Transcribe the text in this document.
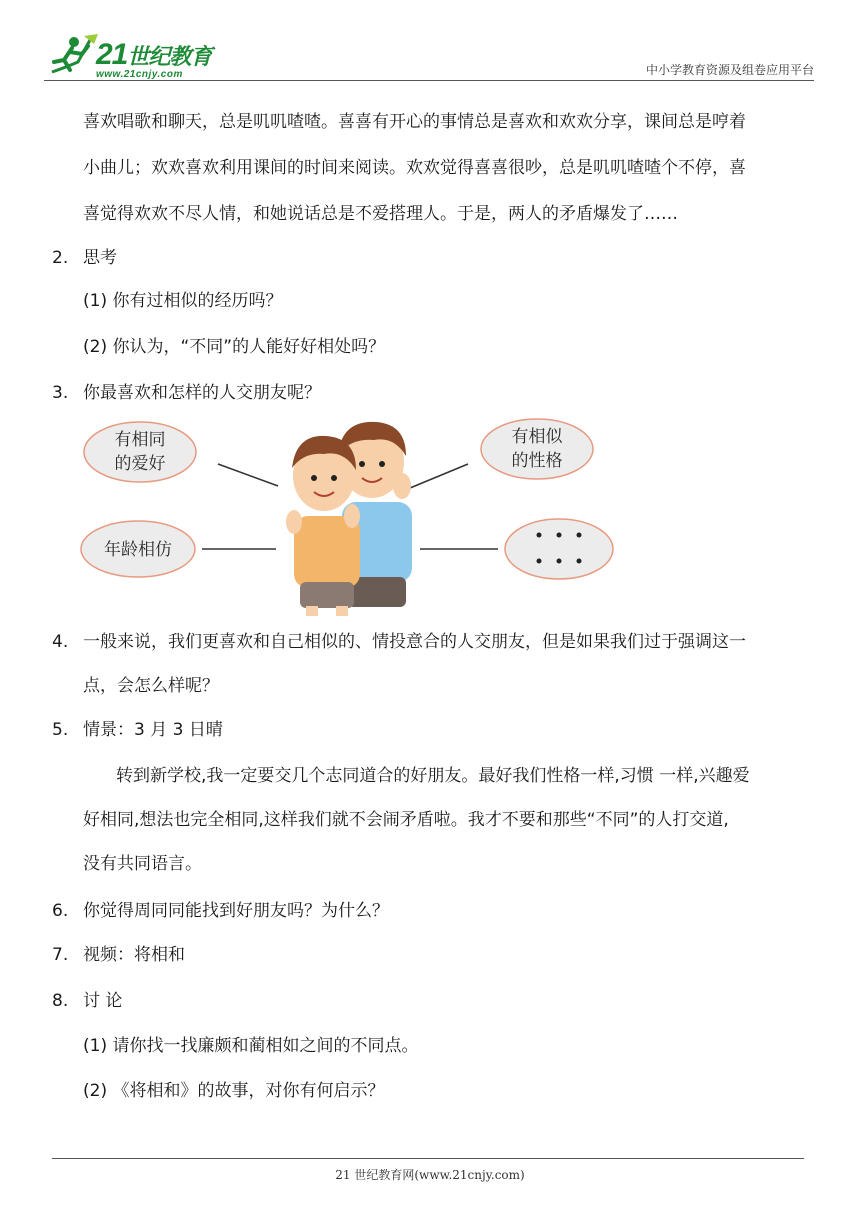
21世纪教育
www.21cnjy.com	中小学教育资源及组卷应用平台
喜欢唱歌和聊天，总是叽叽喳喳。喜喜有开心的事情总是喜欢和欢欢分享，课间总是哼着
小曲儿；欢欢喜欢利用课间的时间来阅读。欢欢觉得喜喜很吵，总是叽叽喳喳个不停，喜
喜觉得欢欢不尽人情，和她说话总是不爱搭理人。于是，两人的矛盾爆发了……
2. 思考
(1) 你有过相似的经历吗？
(2) 你认为，“不同”的人能好好相处吗？
3. 你最喜欢和怎样的人交朋友呢？
有相同
的爱好
有相似
的性格
年龄相仿
4. 一般来说，我们更喜欢和自己相似的、情投意合的人交朋友，但是如果我们过于强调这一
点，会怎么样呢？
5. 情景：3 月 3 日晴
转到新学校,我一定要交几个志同道合的好朋友。最好我们性格一样,习惯 一样,兴趣爱
好相同,想法也完全相同,这样我们就不会闹矛盾啦。我才不要和那些“不同”的人打交道,
没有共同语言。
6. 你觉得周同同能找到好朋友吗？为什么？
7. 视频：将相和
8. 讨 论
(1) 请你找一找廉颇和蔺相如之间的不同点。
(2) 《将相和》的故事，对你有何启示？
21 世纪教育网(www.21cnjy.com)
